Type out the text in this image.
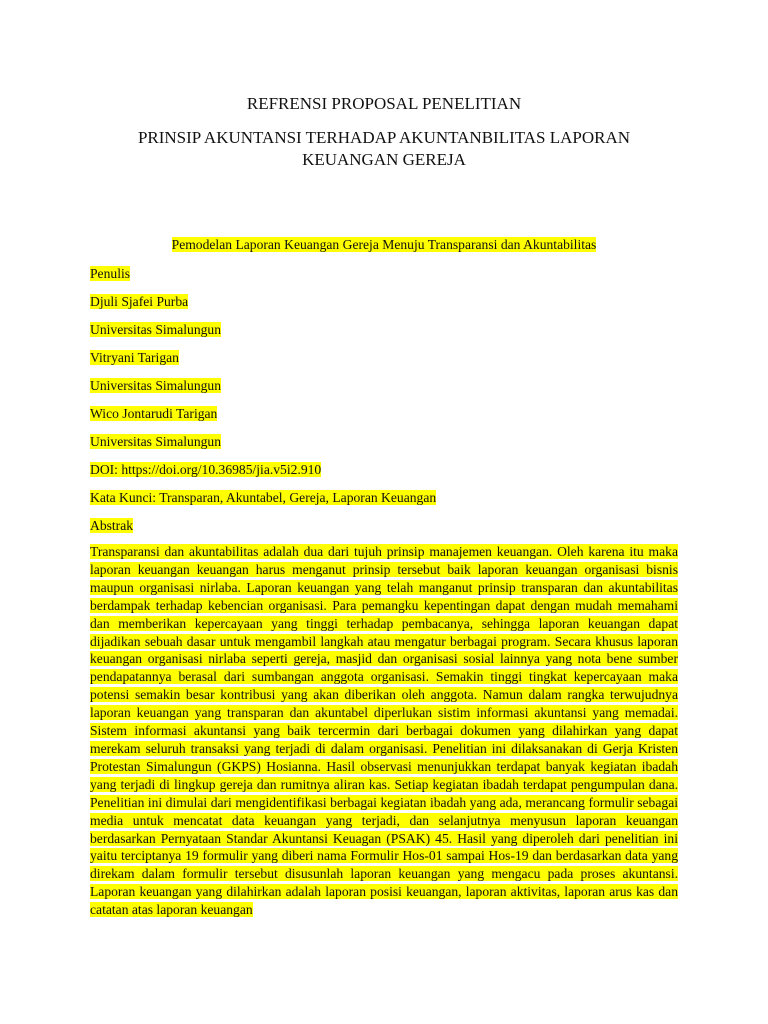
REFRENSI PROPOSAL PENELITIAN
PRINSIP AKUNTANSI TERHADAP AKUNTANBILITAS LAPORAN KEUANGAN GEREJA
Pemodelan Laporan Keuangan Gereja Menuju Transparansi dan Akuntabilitas
Penulis
Djuli Sjafei Purba
Universitas Simalungun
Vitryani Tarigan
Universitas Simalungun
Wico Jontarudi Tarigan
Universitas Simalungun
DOI: https://doi.org/10.36985/jia.v5i2.910
Kata Kunci: Transparan, Akuntabel, Gereja, Laporan Keuangan
Abstrak
Transparansi dan akuntabilitas adalah dua dari tujuh prinsip manajemen keuangan. Oleh karena itu maka laporan keuangan keuangan harus menganut prinsip tersebut baik laporan keuangan organisasi bisnis maupun organisasi nirlaba. Laporan keuangan yang telah manganut prinsip transparan dan akuntabilitas berdampak terhadap kebencian organisasi. Para pemangku kepentingan dapat dengan mudah memahami dan memberikan kepercayaan yang tinggi terhadap pembacanya, sehingga laporan keuangan dapat dijadikan sebuah dasar untuk mengambil langkah atau mengatur berbagai program. Secara khusus laporan keuangan organisasi nirlaba seperti gereja, masjid dan organisasi sosial lainnya yang nota bene sumber pendapatannya berasal dari sumbangan anggota organisasi. Semakin tinggi tingkat kepercayaan maka potensi semakin besar kontribusi yang akan diberikan oleh anggota. Namun dalam rangka terwujudnya laporan keuangan yang transparan dan akuntabel diperlukan sistim informasi akuntansi yang memadai. Sistem informasi akuntansi yang baik tercermin dari berbagai dokumen yang dilahirkan yang dapat merekam seluruh transaksi yang terjadi di dalam organisasi. Penelitian ini dilaksanakan di Gerja Kristen Protestan Simalungun (GKPS) Hosianna. Hasil observasi menunjukkan terdapat banyak kegiatan ibadah yang terjadi di lingkup gereja dan rumitnya aliran kas. Setiap kegiatan ibadah terdapat pengumpulan dana. Penelitian ini dimulai dari mengidentifikasi berbagai kegiatan ibadah yang ada, merancang formulir sebagai media untuk mencatat data keuangan yang terjadi, dan selanjutnya menyusun laporan keuangan berdasarkan Pernyataan Standar Akuntansi Keuagan (PSAK) 45. Hasil yang diperoleh dari penelitian ini yaitu terciptanya 19 formulir yang diberi nama Formulir Hos-01 sampai Hos-19 dan berdasarkan data yang direkam dalam formulir tersebut disusunlah laporan keuangan yang mengacu pada proses akuntansi. Laporan keuangan yang dilahirkan adalah laporan posisi keuangan, laporan aktivitas, laporan arus kas dan catatan atas laporan keuangan
